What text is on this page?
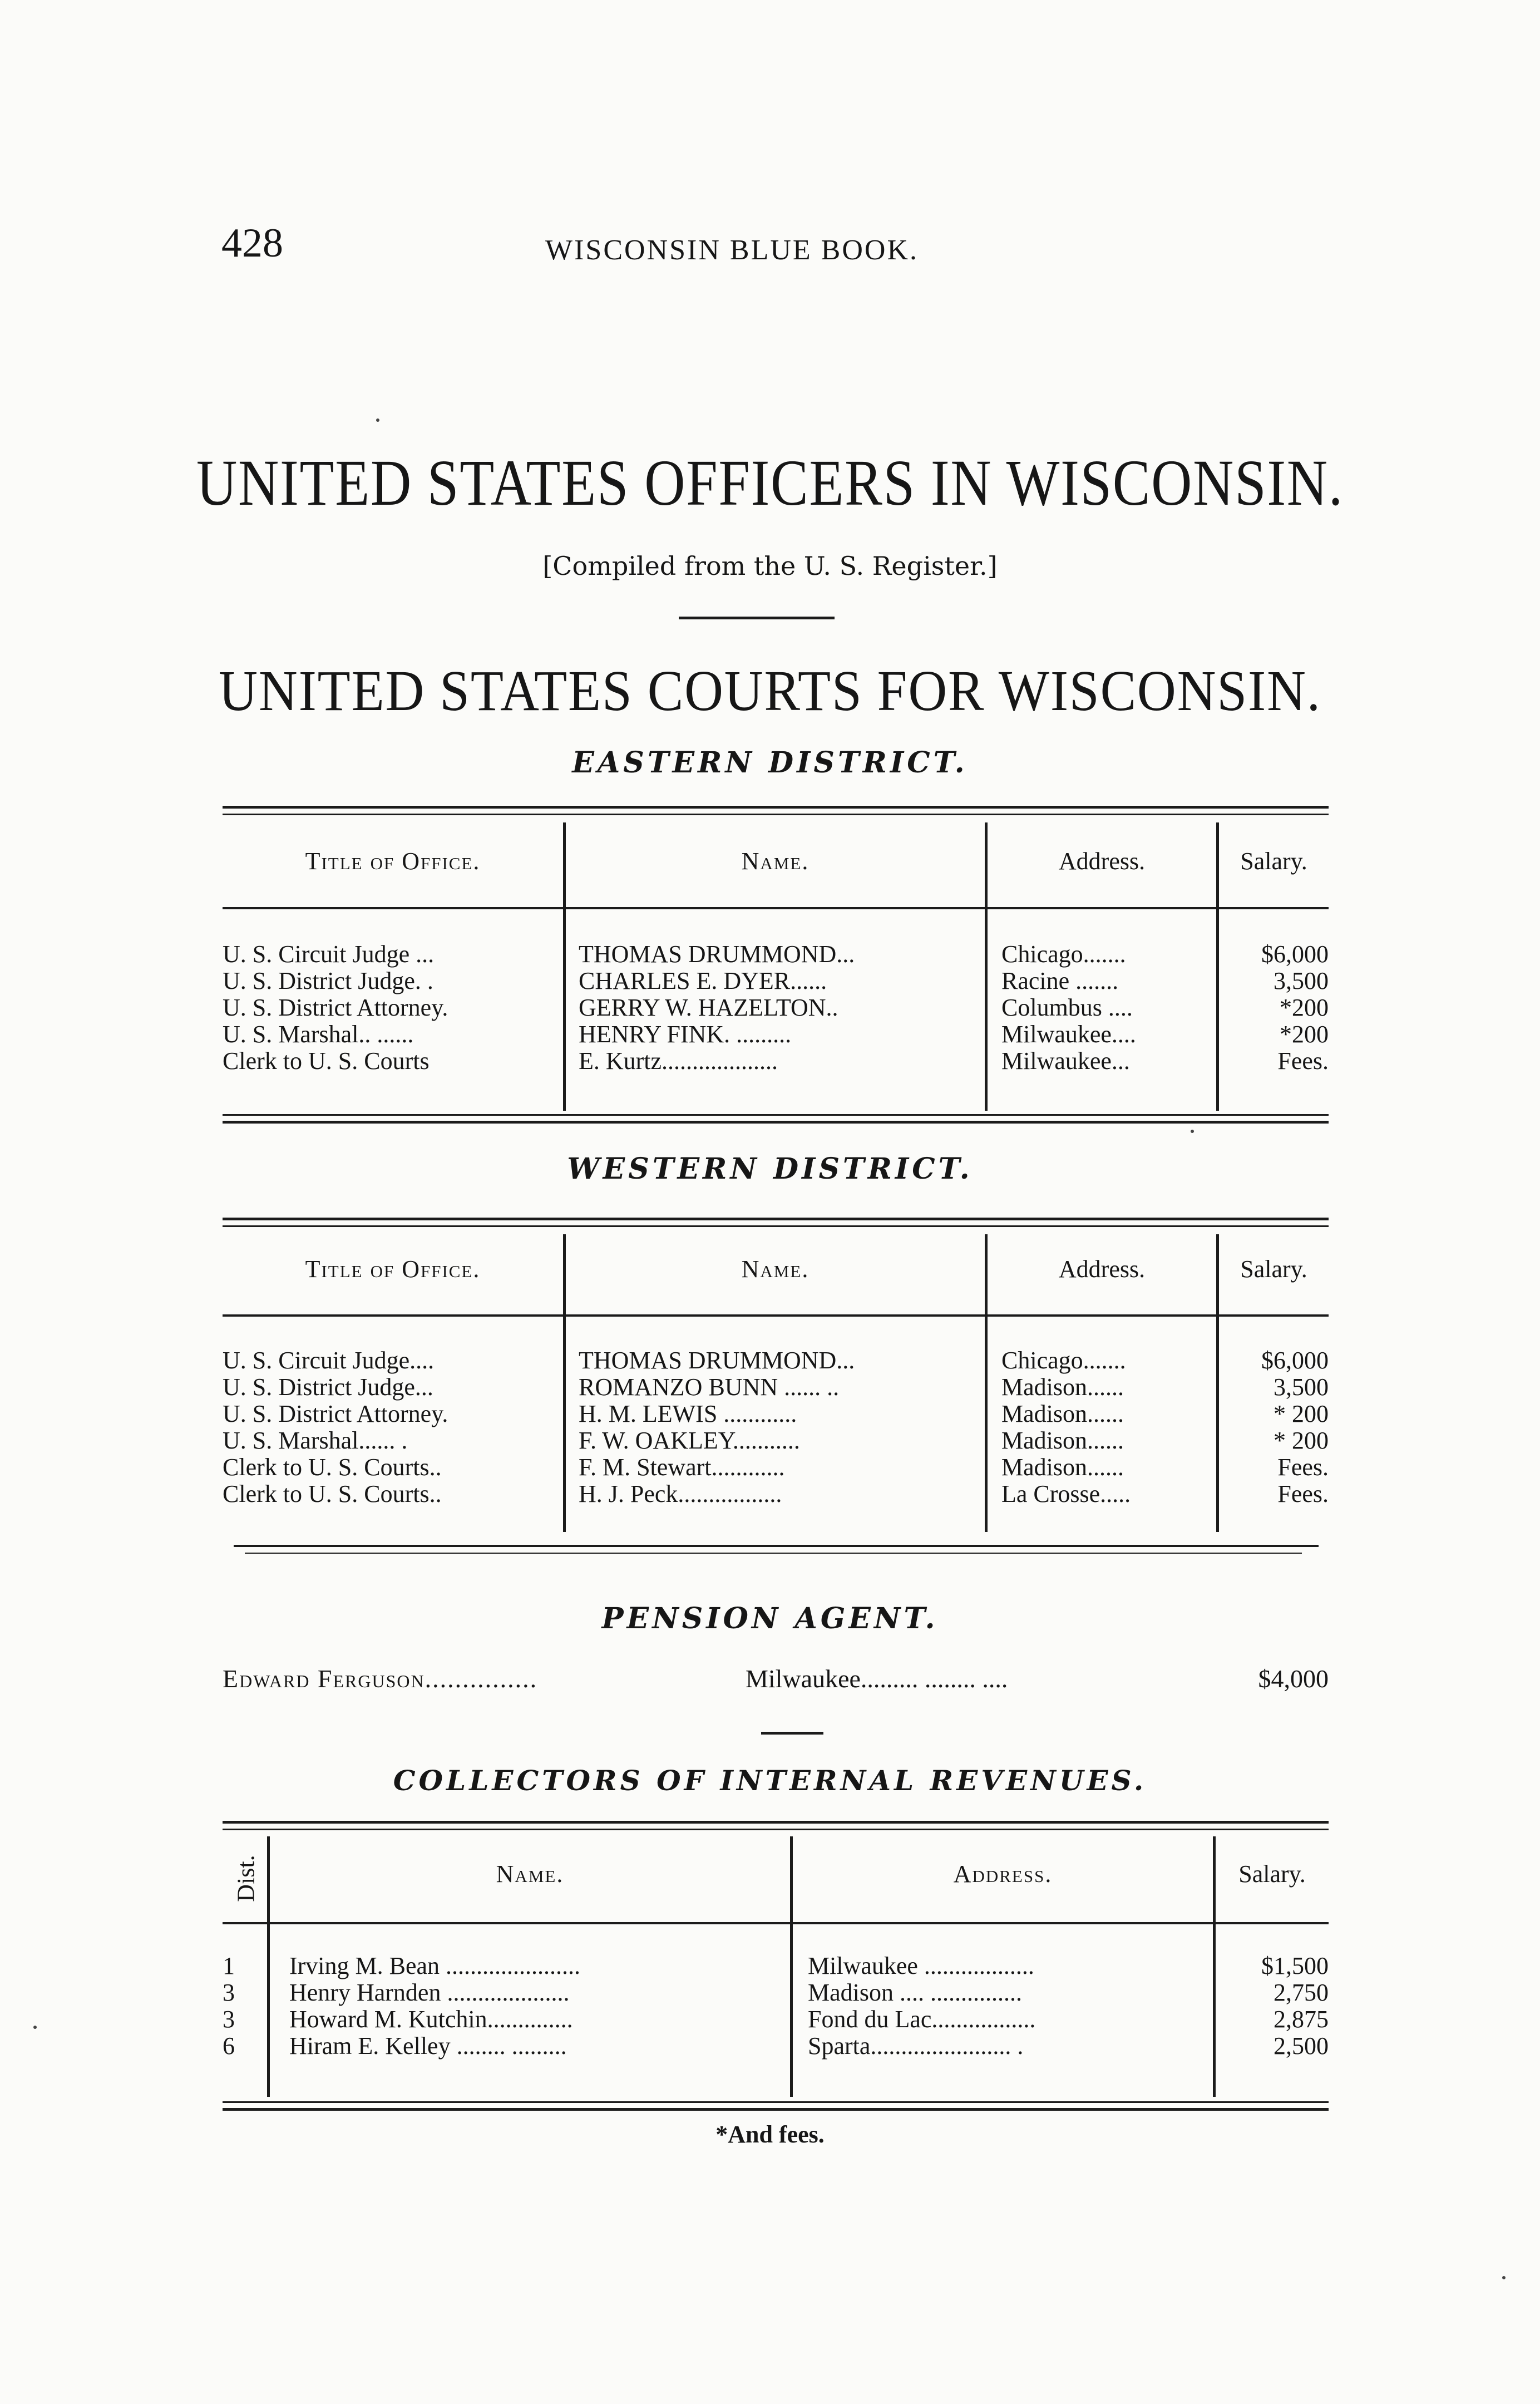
428	WISCONSIN BLUE BOOK.
UNITED STATES OFFICERS IN WISCONSIN.
[Compiled from the U. S. Register.]
UNITED STATES COURTS FOR WISCONSIN.
EASTERN DISTRICT.
Title of Office.	Name.	Address.	Salary.
U. S. Circuit Judge ...	THOMAS DRUMMOND...	Chicago.......	$6,000
U. S. District Judge. .	CHARLES E. DYER......	Racine .......	3,500
U. S. District Attorney.	GERRY W. HAZELTON..	Columbus ....	*200
U. S. Marshal.. ......	HENRY FINK. .........	Milwaukee....	*200
Clerk to U. S. Courts	E. Kurtz...................	Milwaukee...	Fees.
WESTERN DISTRICT.
Title of Office.	Name.	Address.	Salary.
U. S. Circuit Judge....	THOMAS DRUMMOND...	Chicago.......	$6,000
U. S. District Judge...	ROMANZO BUNN ...... ..	Madison......	3,500
U. S. District Attorney.	H. M. LEWIS ............	Madison......	* 200
U. S. Marshal...... .	F. W. OAKLEY...........	Madison......	* 200
Clerk to U. S. Courts..	F. M. Stewart............	Madison......	Fees.
Clerk to U. S. Courts..	H. J. Peck.................	La Crosse.....	Fees.
PENSION AGENT.
Edward Ferguson...............	Milwaukee......... ........ ....	$4,000
COLLECTORS OF INTERNAL REVENUES.
Dist.	Name.	Address.	Salary.
1	Irving M. Bean ......................	Milwaukee ..................	$1,500
3	Henry Harnden ....................	Madison .... ...............	2,750
3	Howard M. Kutchin..............	Fond du Lac.................	2,875
6	Hiram E. Kelley ........ .........	Sparta....................... .	2,500
*And fees.
